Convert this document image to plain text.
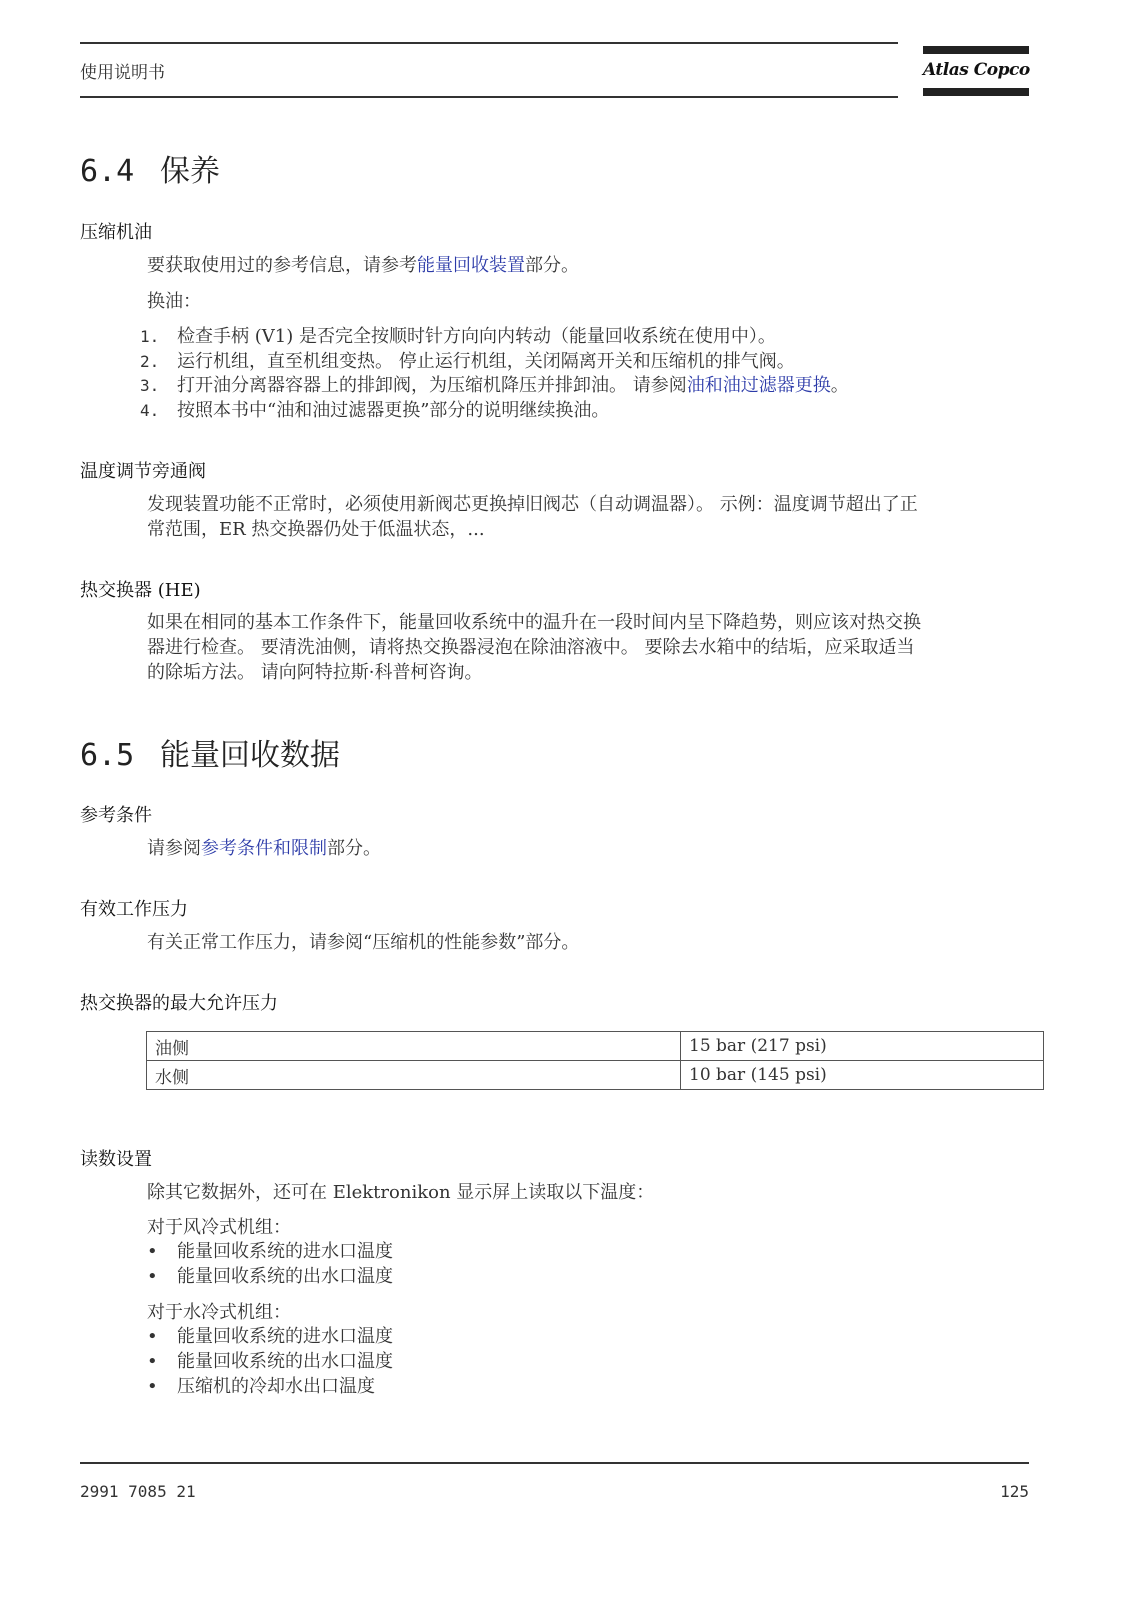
使用说明书	Atlas Copco
6.4 保养
压缩机油
要获取使用过的参考信息，请参考能量回收装置部分。
换油：
1. 检查手柄 (V1) 是否完全按顺时针方向向内转动（能量回收系统在使用中）。
2. 运行机组，直至机组变热。 停止运行机组，关闭隔离开关和压缩机的排气阀。
3. 打开油分离器容器上的排卸阀，为压缩机降压并排卸油。 请参阅油和油过滤器更换。
4. 按照本书中“油和油过滤器更换”部分的说明继续换油。
温度调节旁通阀
发现装置功能不正常时，必须使用新阀芯更换掉旧阀芯（自动调温器）。 示例：温度调节超出了正
常范围，ER 热交换器仍处于低温状态，...
热交换器 (HE)
如果在相同的基本工作条件下，能量回收系统中的温升在一段时间内呈下降趋势，则应该对热交换
器进行检查。 要清洗油侧，请将热交换器浸泡在除油溶液中。 要除去水箱中的结垢，应采取适当
的除垢方法。 请向阿特拉斯·科普柯咨询。
6.5 能量回收数据
参考条件
请参阅参考条件和限制部分。
有效工作压力
有关正常工作压力，请参阅“压缩机的性能参数”部分。
热交换器的最大允许压力
油侧	15 bar (217 psi)
水侧	10 bar (145 psi)
读数设置
除其它数据外，还可在 Elektronikon 显示屏上读取以下温度：
对于风冷式机组：
•	能量回收系统的进水口温度
•	能量回收系统的出水口温度
对于水冷式机组：
•	能量回收系统的进水口温度
•	能量回收系统的出水口温度
•	压缩机的冷却水出口温度
2991 7085 21	125
